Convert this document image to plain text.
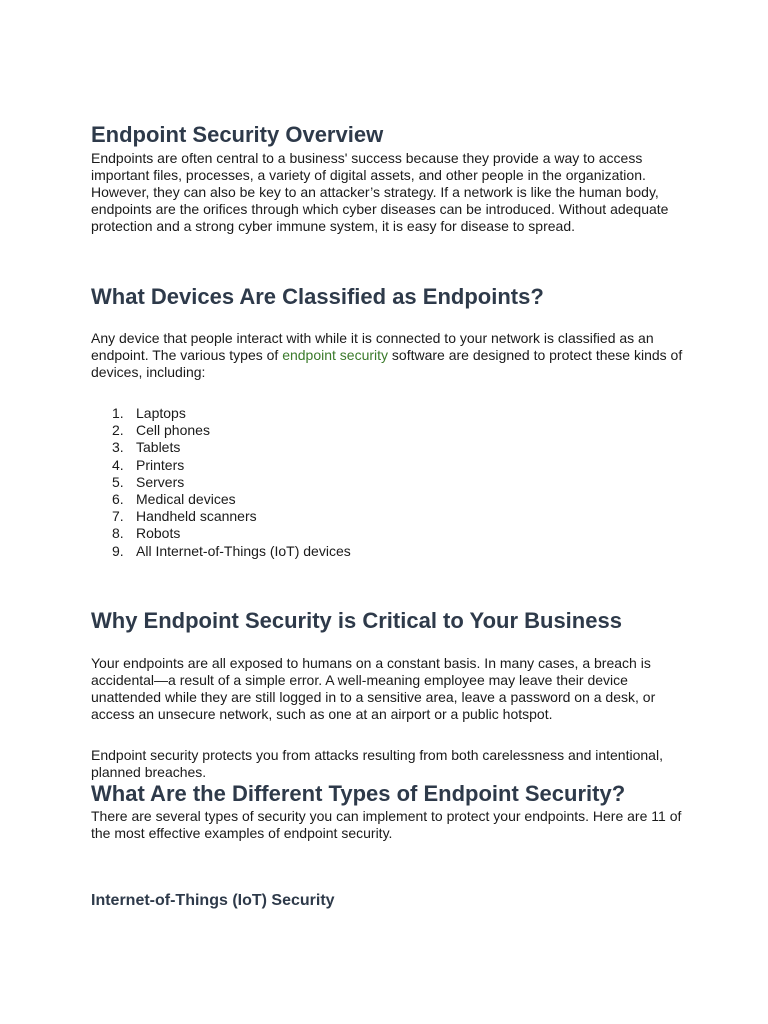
Endpoint Security Overview

Endpoints are often central to a business' success because they provide a way to access important files, processes, a variety of digital assets, and other people in the organization. However, they can also be key to an attacker’s strategy. If a network is like the human body, endpoints are the orifices through which cyber diseases can be introduced. Without adequate protection and a strong cyber immune system, it is easy for disease to spread.

What Devices Are Classified as Endpoints?

Any device that people interact with while it is connected to your network is classified as an endpoint. The various types of endpoint security software are designed to protect these kinds of devices, including:

1. Laptops
2. Cell phones
3. Tablets
4. Printers
5. Servers
6. Medical devices
7. Handheld scanners
8. Robots
9. All Internet-of-Things (IoT) devices
Why Endpoint Security is Critical to Your Business

Your endpoints are all exposed to humans on a constant basis. In many cases, a breach is accidental—a result of a simple error. A well-meaning employee may leave their device unattended while they are still logged in to a sensitive area, leave a password on a desk, or access an unsecure network, such as one at an airport or a public hotspot.

Endpoint security protects you from attacks resulting from both carelessness and intentional, planned breaches.

What Are the Different Types of Endpoint Security?

There are several types of security you can implement to protect your endpoints. Here are 11 of the most effective examples of endpoint security.

Internet-of-Things (IoT) Security
